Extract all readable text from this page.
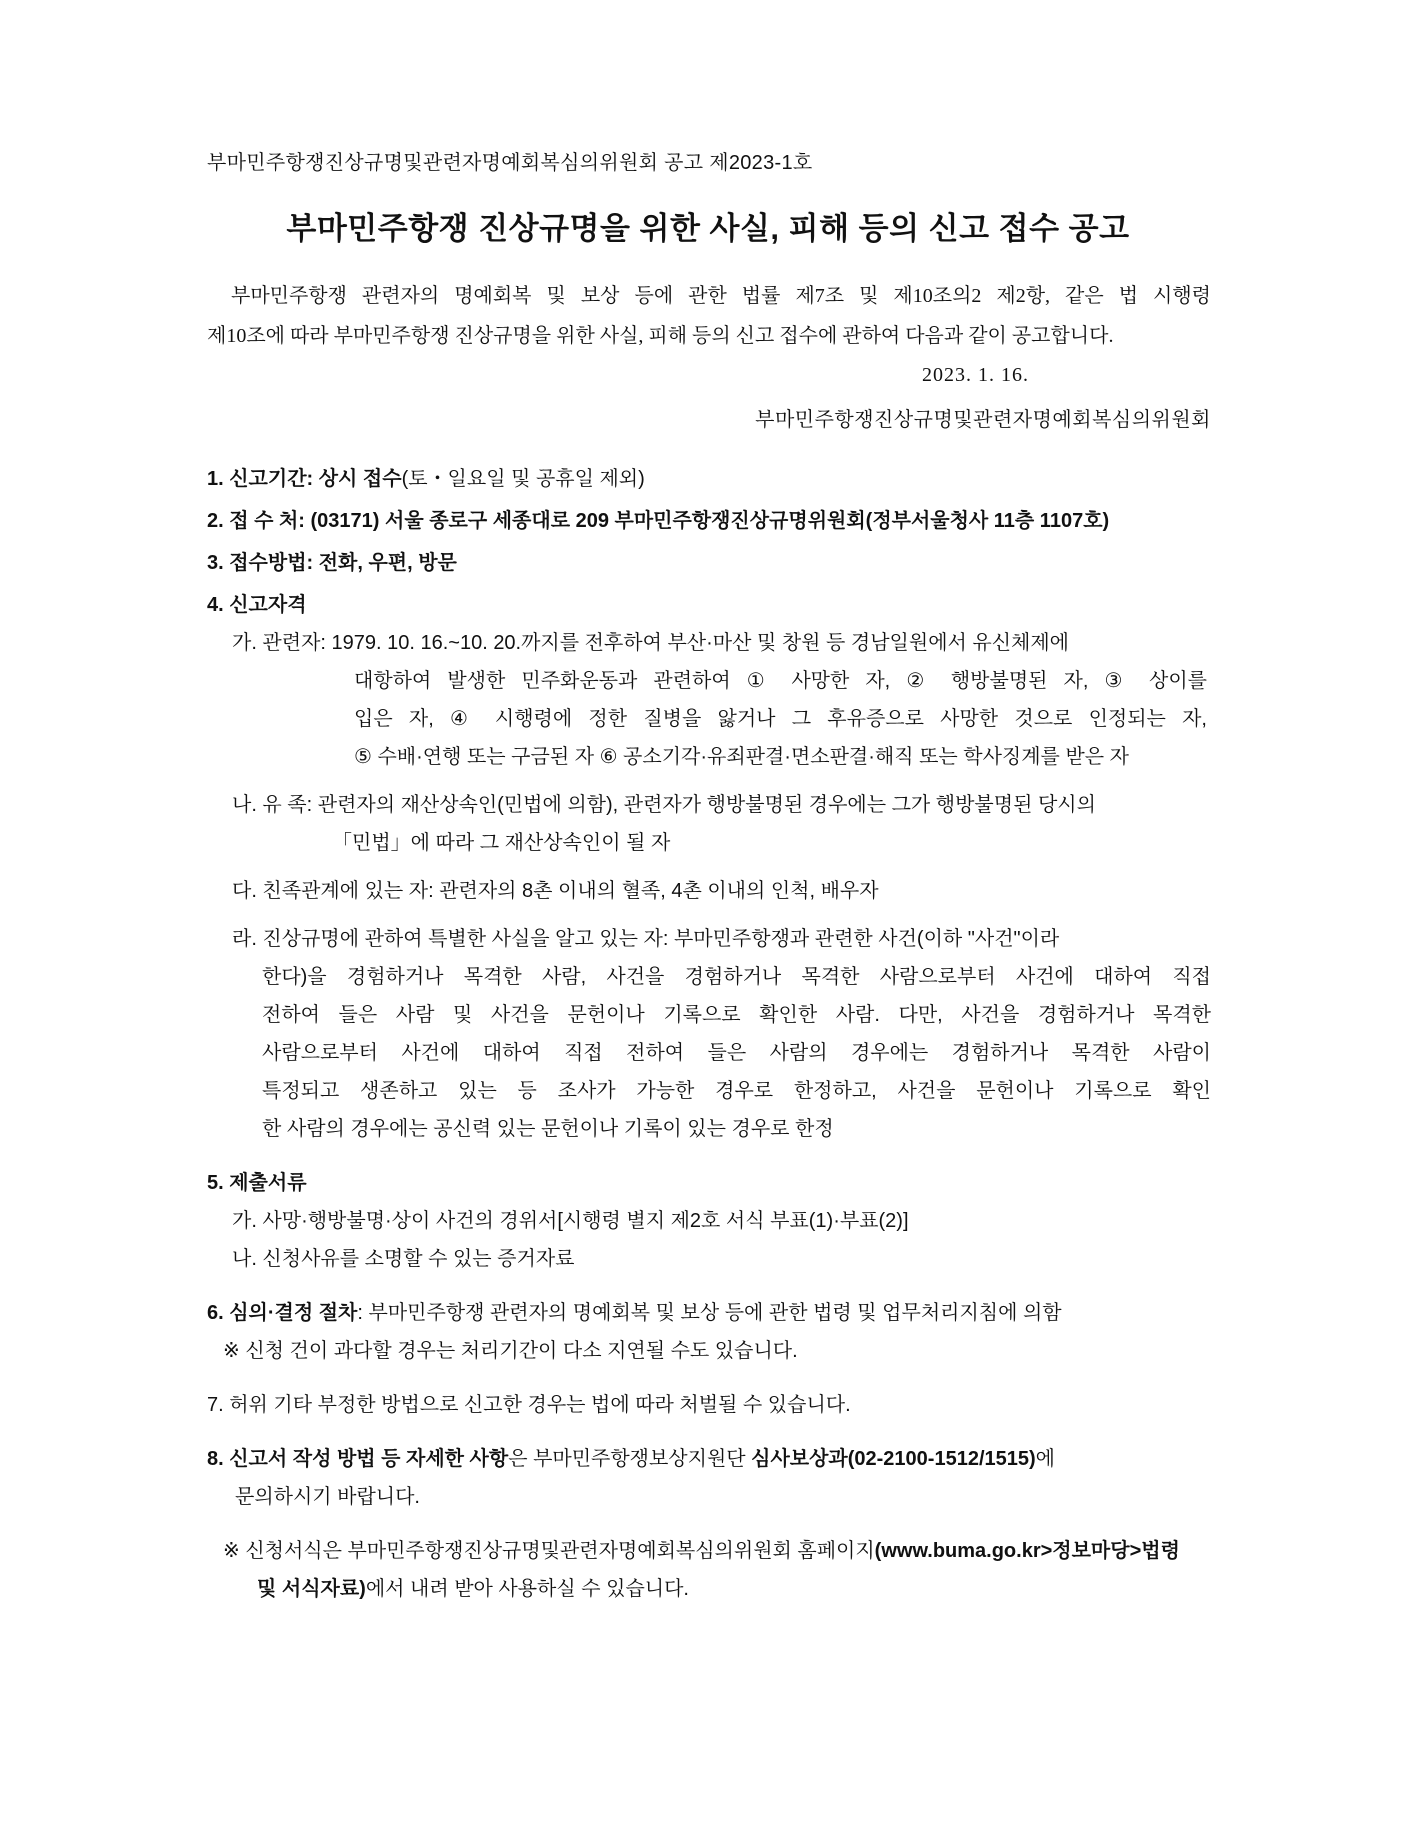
부마민주항쟁진상규명및관련자명예회복심의위원회 공고 제2023-1호
부마민주항쟁 진상규명을 위한 사실, 피해 등의 신고 접수 공고
부마민주항쟁 관련자의 명예회복 및 보상 등에 관한 법률 제7조 및 제10조의2 제2항, 같은 법 시행령
제10조에 따라 부마민주항쟁 진상규명을 위한 사실, 피해 등의 신고 접수에 관하여 다음과 같이 공고합니다.
2023. 1. 16.
부마민주항쟁진상규명및관련자명예회복심의위원회
1. 신고기간: 상시 접수(토・일요일 및 공휴일 제외)
2. 접 수 처: (03171) 서울 종로구 세종대로 209 부마민주항쟁진상규명위원회(정부서울청사 11층 1107호)
3. 접수방법: 전화, 우편, 방문
4. 신고자격
가. 관련자: 1979. 10. 16.~10. 20.까지를 전후하여 부산·마산 및 창원 등 경남일원에서 유신체제에
대항하여 발생한 민주화운동과 관련하여 ① 사망한 자, ② 행방불명된 자, ③ 상이를
입은 자, ④ 시행령에 정한 질병을 앓거나 그 후유증으로 사망한 것으로 인정되는 자,
⑤ 수배·연행 또는 구금된 자 ⑥ 공소기각·유죄판결·면소판결·해직 또는 학사징계를 받은 자
나. 유 족: 관련자의 재산상속인(민법에 의함), 관련자가 행방불명된 경우에는 그가 행방불명된 당시의
「민법」에 따라 그 재산상속인이 될 자
다. 친족관계에 있는 자: 관련자의 8촌 이내의 혈족, 4촌 이내의 인척, 배우자
라. 진상규명에 관하여 특별한 사실을 알고 있는 자: 부마민주항쟁과 관련한 사건(이하 "사건"이라
한다)을 경험하거나 목격한 사람, 사건을 경험하거나 목격한 사람으로부터 사건에 대하여 직접
전하여 들은 사람 및 사건을 문헌이나 기록으로 확인한 사람. 다만, 사건을 경험하거나 목격한
사람으로부터 사건에 대하여 직접 전하여 들은 사람의 경우에는 경험하거나 목격한 사람이
특정되고 생존하고 있는 등 조사가 가능한 경우로 한정하고, 사건을 문헌이나 기록으로 확인
한 사람의 경우에는 공신력 있는 문헌이나 기록이 있는 경우로 한정
5. 제출서류
가. 사망·행방불명·상이 사건의 경위서[시행령 별지 제2호 서식 부표(1)·부표(2)]
나. 신청사유를 소명할 수 있는 증거자료
6. 심의·결정 절차: 부마민주항쟁 관련자의 명예회복 및 보상 등에 관한 법령 및 업무처리지침에 의함
※ 신청 건이 과다할 경우는 처리기간이 다소 지연될 수도 있습니다.
7. 허위 기타 부정한 방법으로 신고한 경우는 법에 따라 처벌될 수 있습니다.
8. 신고서 작성 방법 등 자세한 사항은 부마민주항쟁보상지원단 심사보상과(02-2100-1512/1515)에
문의하시기 바랍니다.
※ 신청서식은 부마민주항쟁진상규명및관련자명예회복심의위원회 홈페이지(www.buma.go.kr>정보마당>법령
및 서식자료)에서 내려 받아 사용하실 수 있습니다.
